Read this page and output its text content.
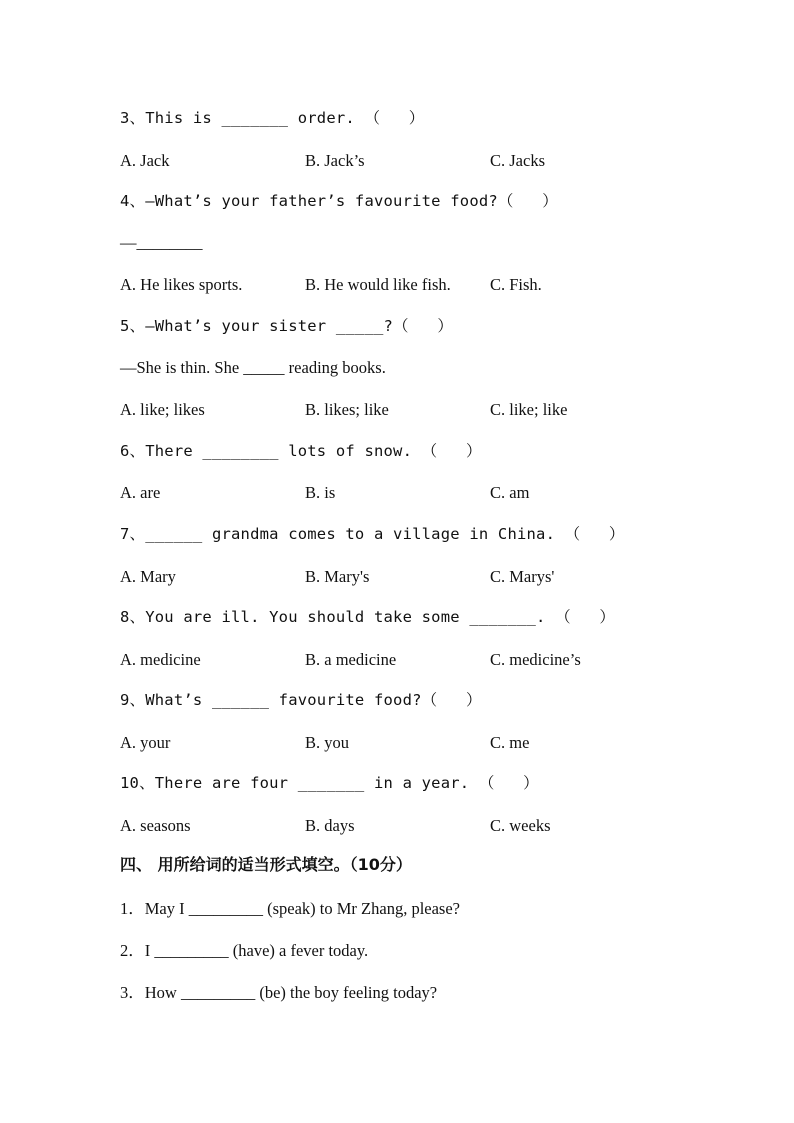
3、This is _______ order. （   ）
A. Jack	B. Jack’s	C. Jacks
4、—What’s your father’s favourite food?（   ）
—________
A. He likes sports.	B. He would like fish. C. Fish.
5、—What’s your sister _____?（   ）
—She is thin. She _____ reading books.
A. like; likes	B. likes; like	C. like; like
6、There ________ lots of snow. （   ）
A. are	B. is	C. am
7、______ grandma comes to a village in China. （   ）
A. Mary	B. Mary's	C. Marys'
8、You are ill. You should take some _______. （   ）
A. medicine	B. a medicine	C. medicine’s
9、What’s ______ favourite food?（   ）
A. your	B. you	C. me
10、There are four _______ in a year. （   ）
A. seasons	B. days	C. weeks
四、 用所给词的适当形式填空。（10分）
1．May I _________ (speak) to Mr Zhang, please?
2．I _________ (have) a fever today.
3．How _________ (be) the boy feeling today?
